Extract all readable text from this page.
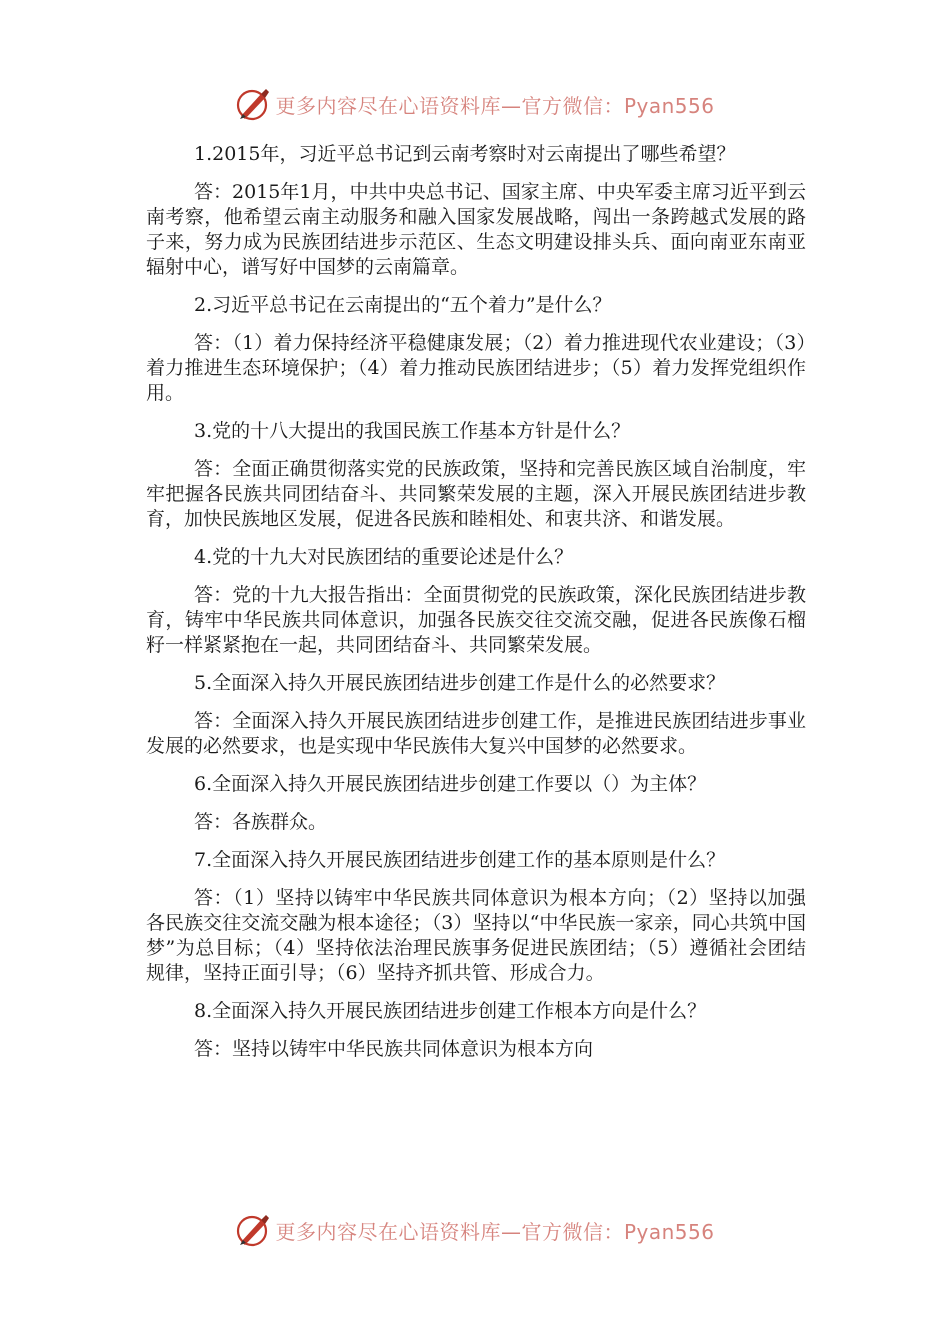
更多内容尽在心语资料库—官方微信：Pyan556

1.2015年，习近平总书记到云南考察时对云南提出了哪些希望？

答：2015年1月，中共中央总书记、国家主席、中央军委主席习近平到云南考察，他希望云南主动服务和融入国家发展战略，闯出一条跨越式发展的路子来，努力成为民族团结进步示范区、生态文明建设排头兵、面向南亚东南亚辐射中心，谱写好中国梦的云南篇章。

2.习近平总书记在云南提出的“五个着力”是什么？

答：（1）着力保持经济平稳健康发展；（2）着力推进现代农业建设；（3）着力推进生态环境保护；（4）着力推动民族团结进步；（5）着力发挥党组织作用。

3.党的十八大提出的我国民族工作基本方针是什么？

答：全面正确贯彻落实党的民族政策，坚持和完善民族区域自治制度，牢牢把握各民族共同团结奋斗、共同繁荣发展的主题，深入开展民族团结进步教育，加快民族地区发展，促进各民族和睦相处、和衷共济、和谐发展。

4.党的十九大对民族团结的重要论述是什么？

答：党的十九大报告指出：全面贯彻党的民族政策，深化民族团结进步教育，铸牢中华民族共同体意识，加强各民族交往交流交融，促进各民族像石榴籽一样紧紧抱在一起，共同团结奋斗、共同繁荣发展。

5.全面深入持久开展民族团结进步创建工作是什么的必然要求？

答：全面深入持久开展民族团结进步创建工作，是推进民族团结进步事业发展的必然要求，也是实现中华民族伟大复兴中国梦的必然要求。

6.全面深入持久开展民族团结进步创建工作要以（）为主体？

答：各族群众。

7.全面深入持久开展民族团结进步创建工作的基本原则是什么？

答：（1）坚持以铸牢中华民族共同体意识为根本方向；（2）坚持以加强各民族交往交流交融为根本途径；（3）坚持以“中华民族一家亲，同心共筑中国梦”为总目标；（4）坚持依法治理民族事务促进民族团结；（5）遵循社会团结规律，坚持正面引导；（6）坚持齐抓共管、形成合力。

8.全面深入持久开展民族团结进步创建工作根本方向是什么？

答：坚持以铸牢中华民族共同体意识为根本方向

更多内容尽在心语资料库—官方微信：Pyan556
